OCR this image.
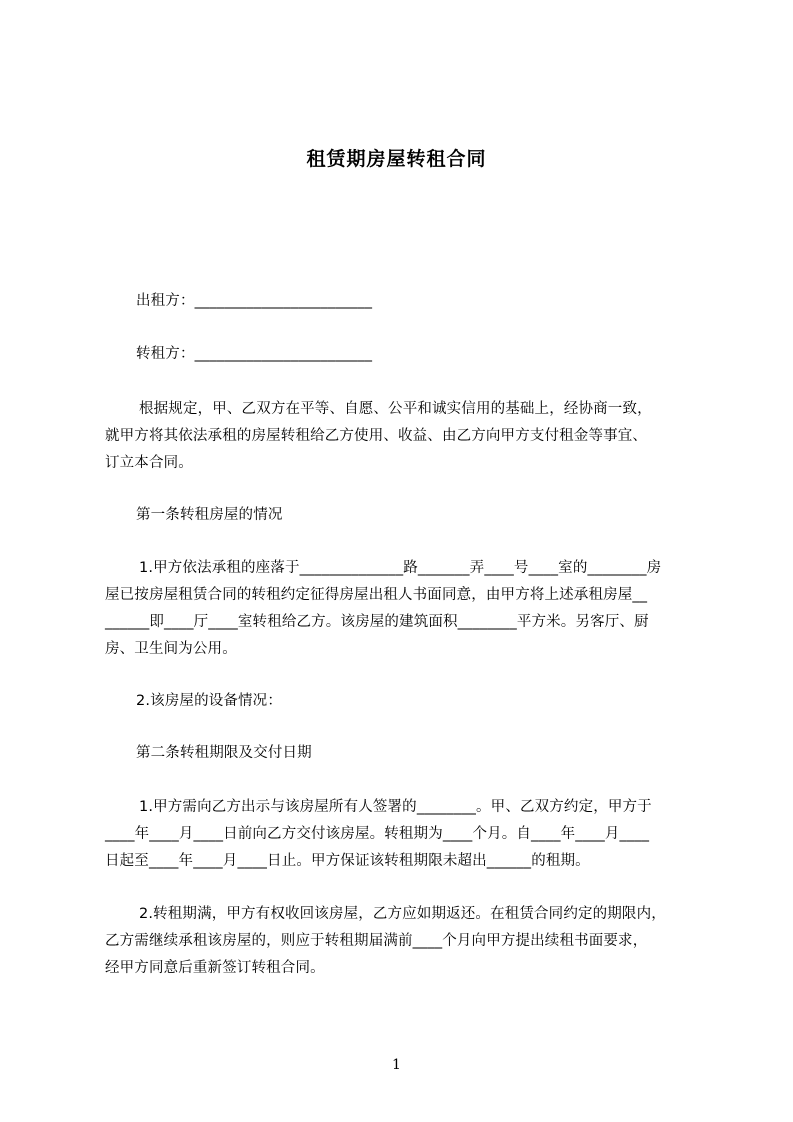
租赁期房屋转租合同
出租方：________________________
转租方：________________________
根据规定，甲、乙双方在平等、自愿、公平和诚实信用的基础上，经协商一致，
就甲方将其依法承租的房屋转租给乙方使用、收益、由乙方向甲方支付租金等事宜、
订立本合同。
第一条转租房屋的情况
1.甲方依法承租的座落于______________路_______弄____号____室的________房
屋已按房屋租赁合同的转租约定征得房屋出租人书面同意，由甲方将上述承租房屋__
______即____厅____室转租给乙方。该房屋的建筑面积________平方米。另客厅、厨
房、卫生间为公用。
2.该房屋的设备情况：
第二条转租期限及交付日期
1.甲方需向乙方出示与该房屋所有人签署的________。甲、乙双方约定，甲方于
____年____月____日前向乙方交付该房屋。转租期为____个月。自____年____月____
日起至____年____月____日止。甲方保证该转租期限未超出______的租期。
2.转租期满，甲方有权收回该房屋，乙方应如期返还。在租赁合同约定的期限内，
乙方需继续承租该房屋的，则应于转租期届满前____个月向甲方提出续租书面要求，
经甲方同意后重新签订转租合同。
1
